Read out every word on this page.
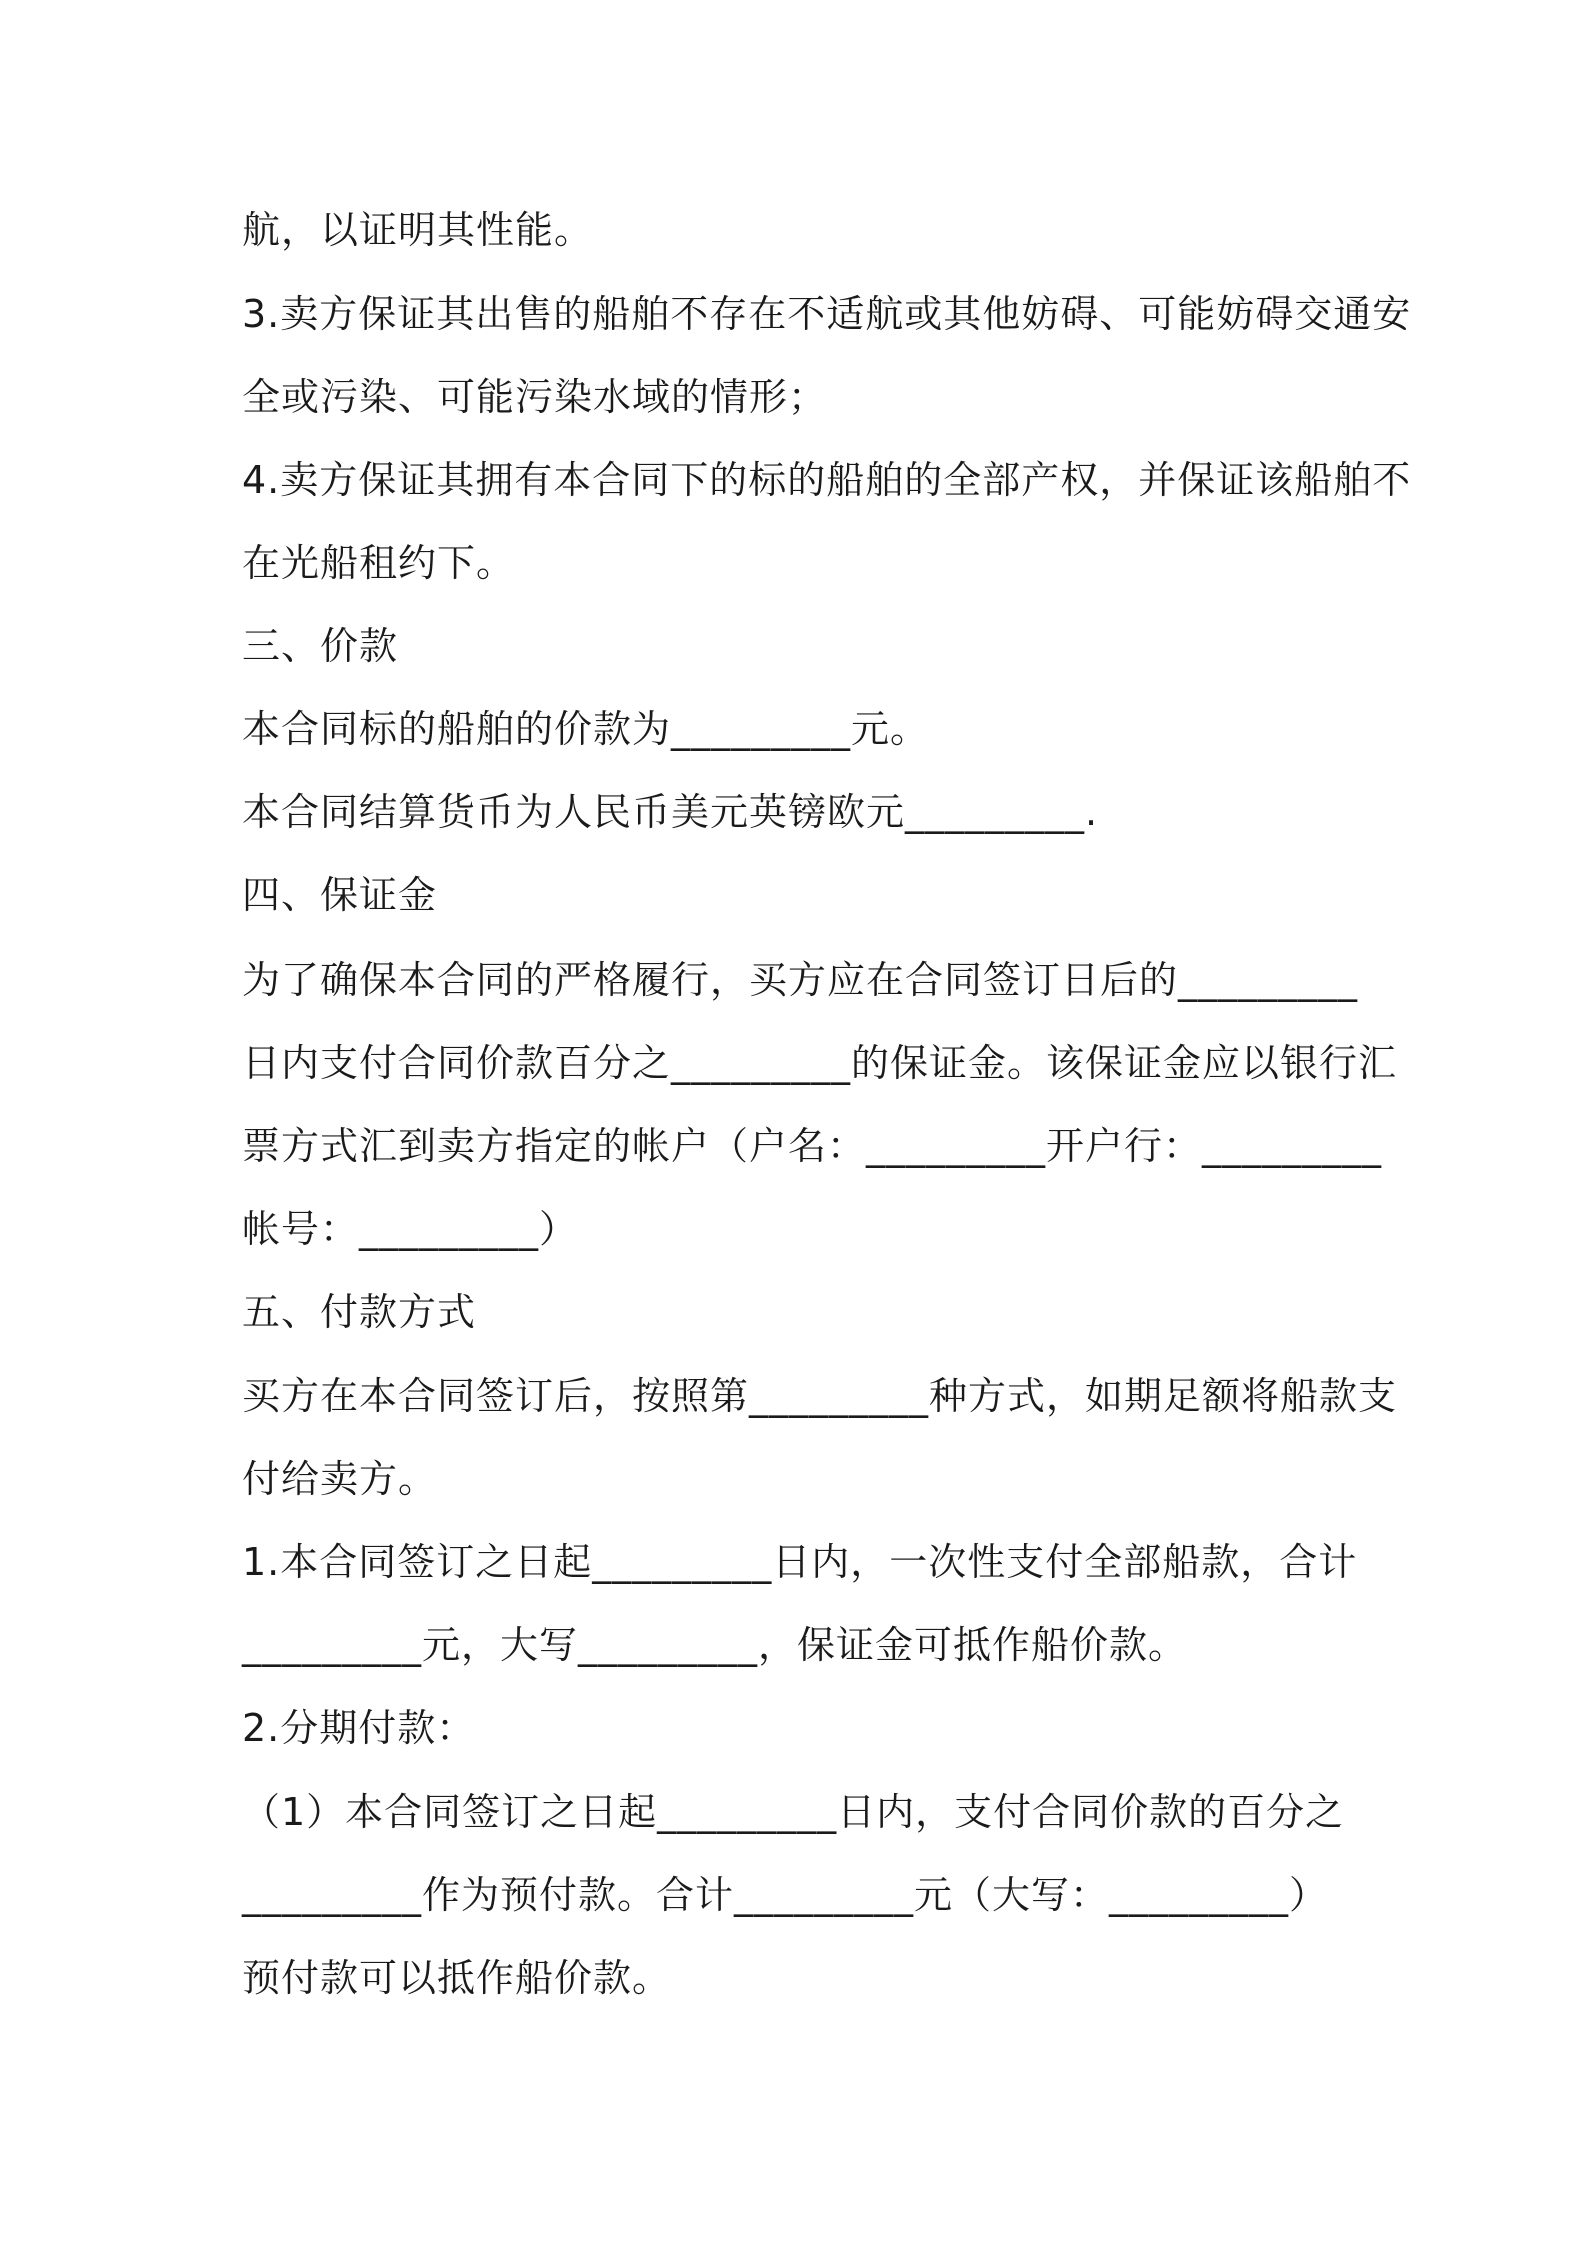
航，以证明其性能。
3.卖方保证其出售的船舶不存在不适航或其他妨碍、可能妨碍交通安
全或污染、可能污染水域的情形；
4.卖方保证其拥有本合同下的标的船舶的全部产权，并保证该船舶不
在光船租约下。
三、价款
本合同标的船舶的价款为_________元。
本合同结算货币为人民币美元英镑欧元_________.
四、保证金
为了确保本合同的严格履行，买方应在合同签订日后的_________
日内支付合同价款百分之_________的保证金。该保证金应以银行汇
票方式汇到卖方指定的帐户（户名：_________开户行：_________
帐号：_________）
五、付款方式
买方在本合同签订后，按照第_________种方式，如期足额将船款支
付给卖方。
1.本合同签订之日起_________日内，一次性支付全部船款，合计
_________元，大写_________，保证金可抵作船价款。
2.分期付款：
（1）本合同签订之日起_________日内，支付合同价款的百分之
_________作为预付款。合计_________元（大写：_________）
预付款可以抵作船价款。
